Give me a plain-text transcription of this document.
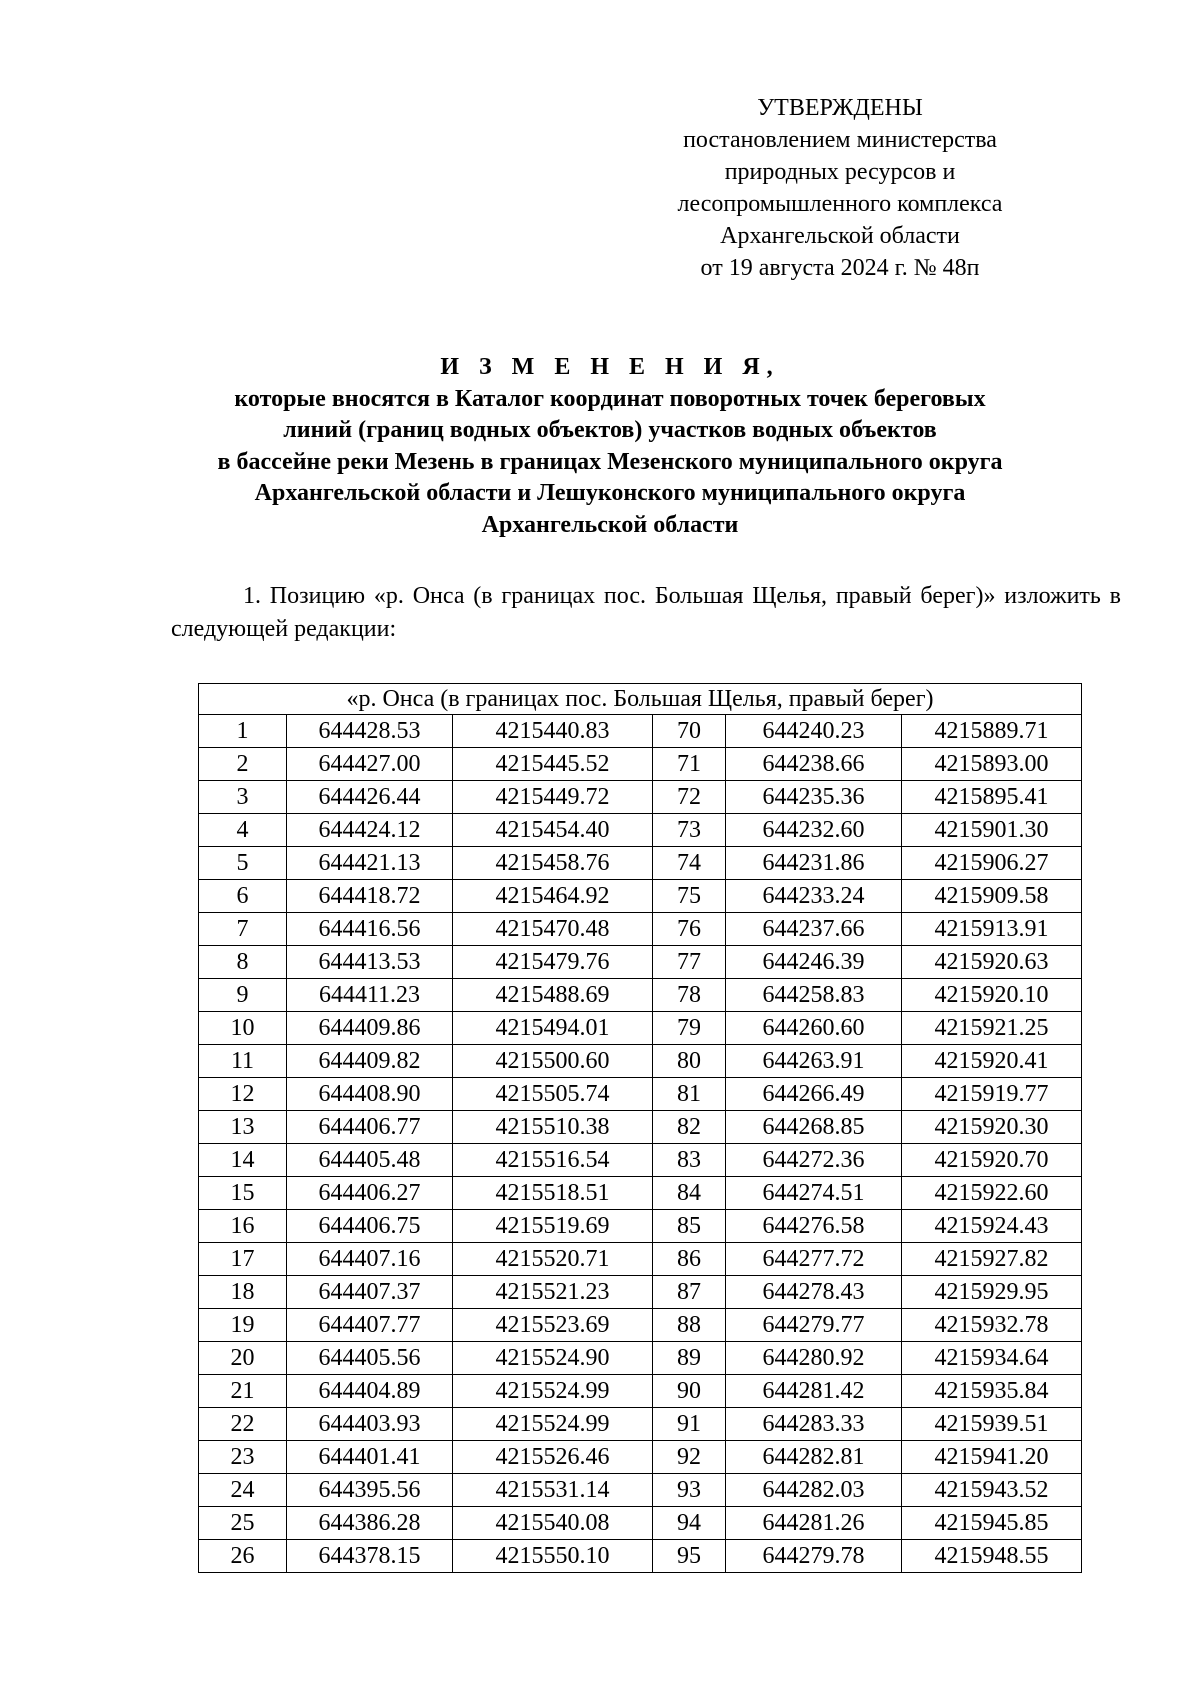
УТВЕРЖДЕНЫ
постановлением министерства
природных ресурсов и
лесопромышленного комплекса
Архангельской области
от 19 августа 2024 г. № 48п
И З М Е Н Е Н И Я,
которые вносятся в Каталог координат поворотных точек береговых
линий (границ водных объектов) участков водных объектов
в бассейне реки Мезень в границах Мезенского муниципального округа
Архангельской области и Лешуконского муниципального округа
Архангельской области
1. Позицию «р. Онса (в границах пос. Большая Щелья, правый берег)» изложить в следующей редакции:
«р. Онса (в границах пос. Большая Щелья, правый берег)					
1	644428.53	4215440.83	70	644240.23	4215889.71
2	644427.00	4215445.52	71	644238.66	4215893.00
3	644426.44	4215449.72	72	644235.36	4215895.41
4	644424.12	4215454.40	73	644232.60	4215901.30
5	644421.13	4215458.76	74	644231.86	4215906.27
6	644418.72	4215464.92	75	644233.24	4215909.58
7	644416.56	4215470.48	76	644237.66	4215913.91
8	644413.53	4215479.76	77	644246.39	4215920.63
9	644411.23	4215488.69	78	644258.83	4215920.10
10	644409.86	4215494.01	79	644260.60	4215921.25
11	644409.82	4215500.60	80	644263.91	4215920.41
12	644408.90	4215505.74	81	644266.49	4215919.77
13	644406.77	4215510.38	82	644268.85	4215920.30
14	644405.48	4215516.54	83	644272.36	4215920.70
15	644406.27	4215518.51	84	644274.51	4215922.60
16	644406.75	4215519.69	85	644276.58	4215924.43
17	644407.16	4215520.71	86	644277.72	4215927.82
18	644407.37	4215521.23	87	644278.43	4215929.95
19	644407.77	4215523.69	88	644279.77	4215932.78
20	644405.56	4215524.90	89	644280.92	4215934.64
21	644404.89	4215524.99	90	644281.42	4215935.84
22	644403.93	4215524.99	91	644283.33	4215939.51
23	644401.41	4215526.46	92	644282.81	4215941.20
24	644395.56	4215531.14	93	644282.03	4215943.52
25	644386.28	4215540.08	94	644281.26	4215945.85
26	644378.15	4215550.10	95	644279.78	4215948.55
